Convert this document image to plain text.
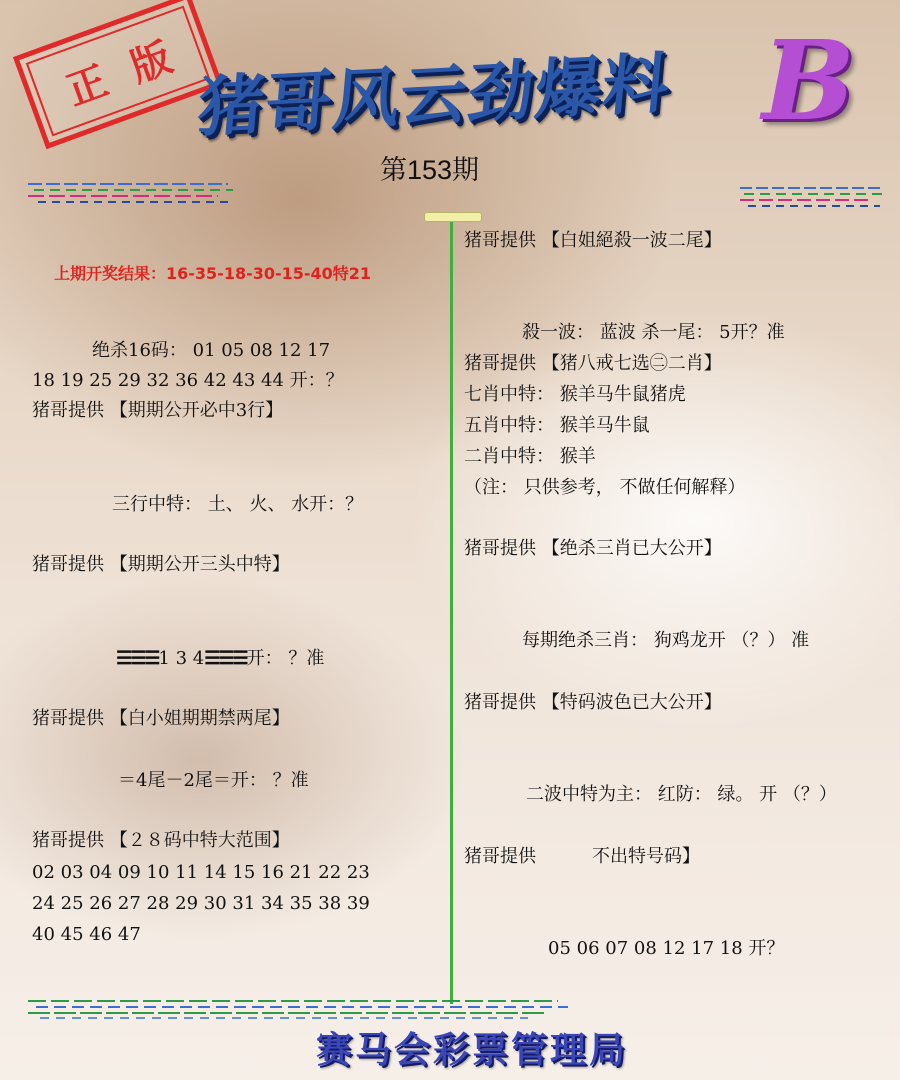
正版
猪哥风云劲爆料 B
第153期
上期开奖结果：16-35-18-30-15-40特21
绝杀16码： 01 05 08 12 17
18 19 25 29 32 36 42 43 44 开：？
猪哥提供 【期期公开必中3行】
三行中特： 土、 火、 水开：？
猪哥提供 【期期公开三头中特】
☰☰☰1 3 4☰☰☰开： ？准
猪哥提供 【白小姐期期禁两尾】
＝4尾－2尾＝开： ？准
猪哥提供 【２８码中特大范围】
02 03 04 09 10 11 14 15 16 21 22 23
24 25 26 27 28 29 30 31 34 35 38 39
40 45 46 47
猪哥提供 【白姐絕殺一波二尾】
殺一波： 蓝波 杀一尾： 5开？准
猪哥提供 【猪八戒七选㊁二肖】
七肖中特： 猴羊马牛鼠猪虎
五肖中特： 猴羊马牛鼠
二肖中特： 猴羊
（注： 只供参考， 不做任何解释）
猪哥提供 【绝杀三肖已大公开】
每期绝杀三肖： 狗鸡龙开 （？） 准
猪哥提供 【特码波色已大公开】
二波中特为主： 红防： 绿。 开 （？）
猪哥提供	不出特号码】
05 06 07 08 12 17 18 开？
赛马会彩票管理局
